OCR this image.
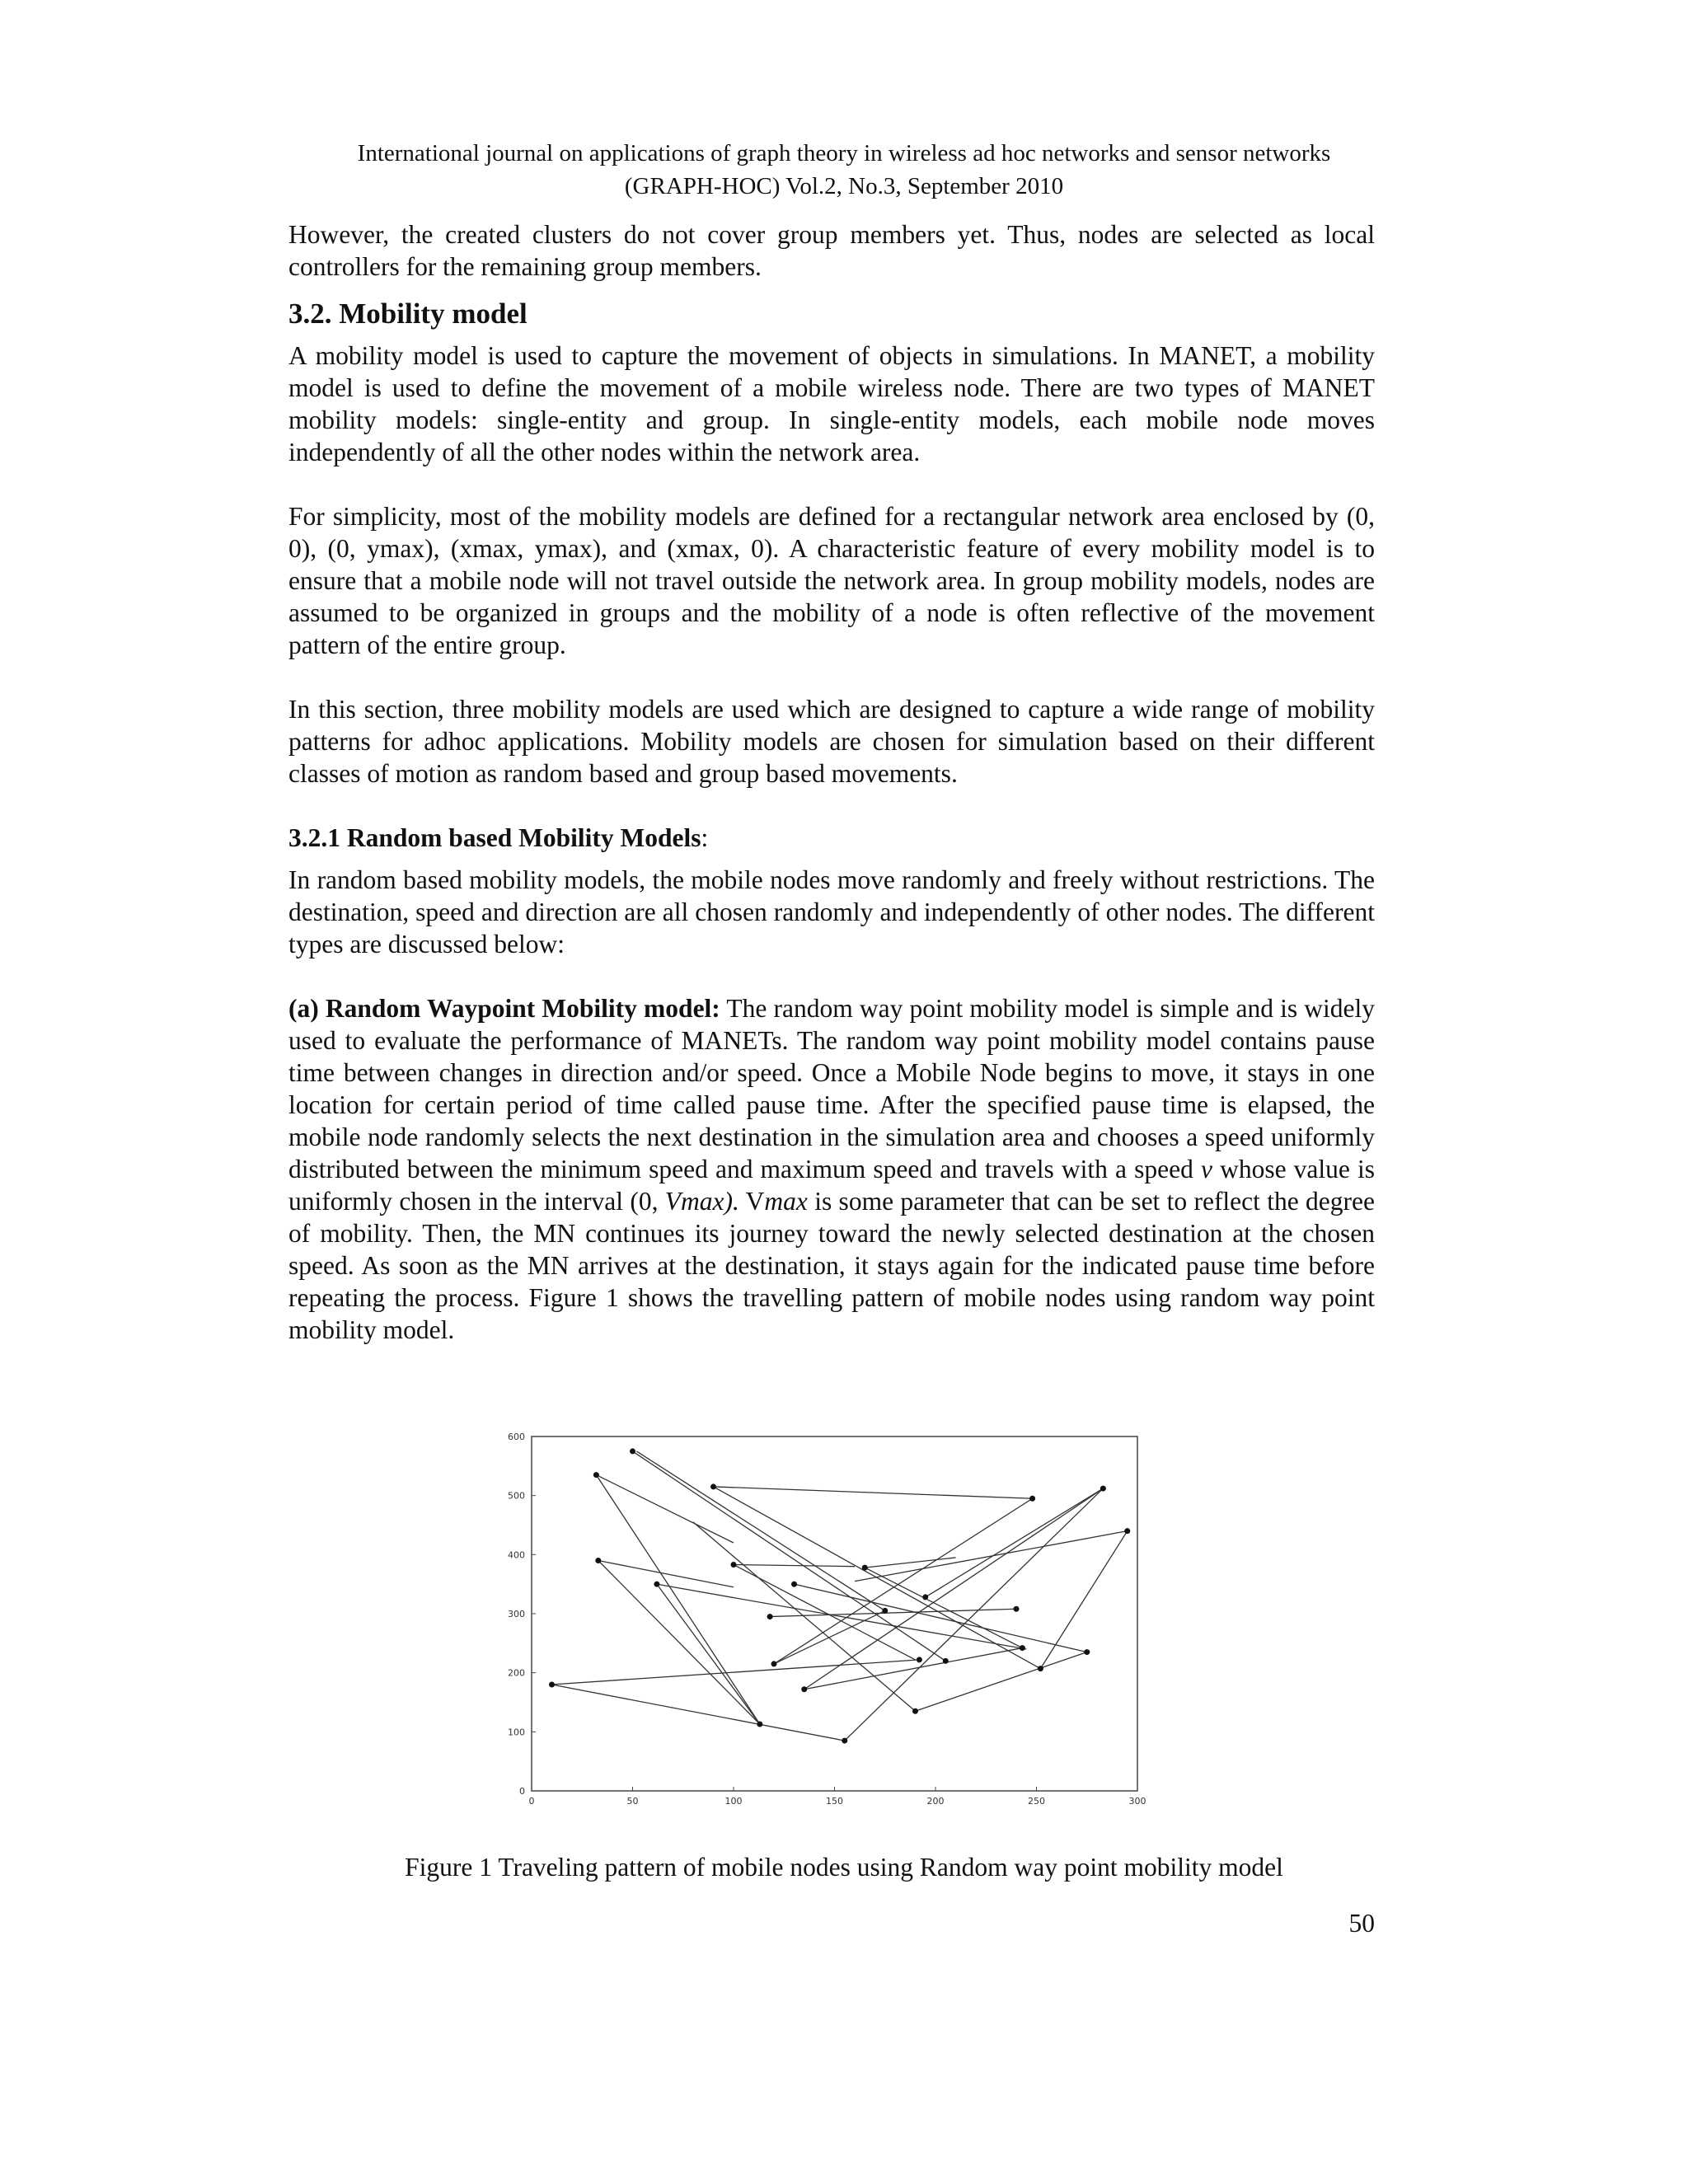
International journal on applications of graph theory in wireless ad hoc networks and sensor networks
(GRAPH-HOC) Vol.2, No.3, September 2010

However, the created clusters do not cover group members yet. Thus, nodes are selected as local controllers for the remaining group members.

3.2. Mobility model

A mobility model is used to capture the movement of objects in simulations. In MANET, a mobility model is used to define the movement of a mobile wireless node. There are two types of MANET mobility models: single-entity and group. In single-entity models, each mobile node moves independently of all the other nodes within the network area.

For simplicity, most of the mobility models are defined for a rectangular network area enclosed by (0, 0), (0, ymax), (xmax, ymax), and (xmax, 0). A characteristic feature of every mobility model is to ensure that a mobile node will not travel outside the network area. In group mobility models, nodes are assumed to be organized in groups and the mobility of a node is often reflective of the movement pattern of the entire group.

In this section, three mobility models are used which are designed to capture a wide range of mobility patterns for adhoc applications. Mobility models are chosen for simulation based on their different classes of motion as random based and group based movements.

3.2.1 Random based Mobility Models:

In random based mobility models, the mobile nodes move randomly and freely without restrictions. The destination, speed and direction are all chosen randomly and independently of other nodes. The different types are discussed below:

(a) Random Waypoint Mobility model: The random way point mobility model is simple and is widely used to evaluate the performance of MANETs. The random way point mobility model contains pause time between changes in direction and/or speed. Once a Mobile Node begins to move, it stays in one location for certain period of time called pause time. After the specified pause time is elapsed, the mobile node randomly selects the next destination in the simulation area and chooses a speed uniformly distributed between the minimum speed and maximum speed and travels with a speed v whose value is uniformly chosen in the interval (0, Vmax). Vmax is some parameter that can be set to reflect the degree of mobility. Then, the MN continues its journey toward the newly selected destination at the chosen speed. As soon as the MN arrives at the destination, it stays again for the indicated pause time before repeating the process. Figure 1 shows the travelling pattern of mobile nodes using random way point mobility model.

0	50	100	150	200	250	300
0
100
200
300
400
500
600
Figure 1 Traveling pattern of mobile nodes using Random way point mobility model
50
